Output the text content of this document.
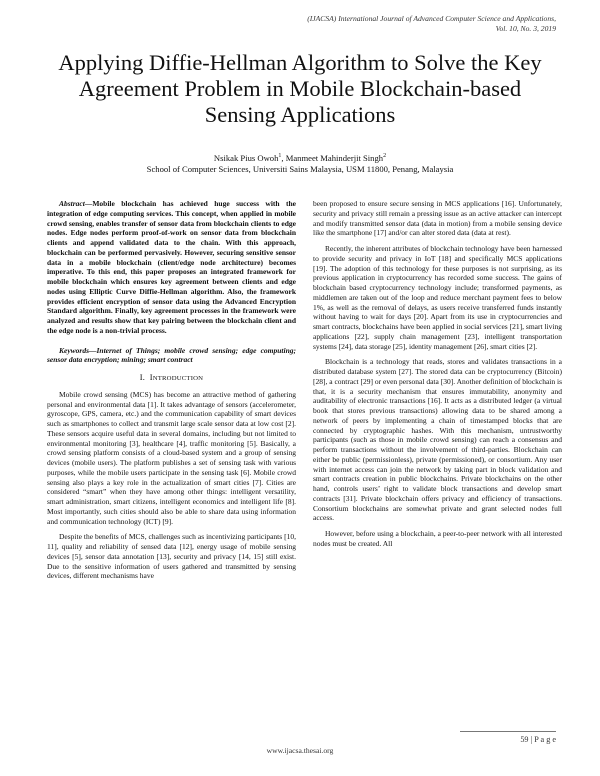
(IJACSA) International Journal of Advanced Computer Science and Applications,
Vol. 10, No. 3, 2019
Applying Diffie-Hellman Algorithm to Solve the Key
Agreement Problem in Mobile Blockchain-based
Sensing Applications
Nsikak Pius Owoh$^1$, Manmeet Mahinderjit Singh$^2$
School of Computer Sciences, Universiti Sains Malaysia, USM 11800, Penang, Malaysia

Abstract—Mobile blockchain has achieved huge success with the integration of edge computing services. This concept, when applied in mobile crowd sensing, enables transfer of sensor data from blockchain clients to edge nodes. Edge nodes perform proof-of-work on sensor data from blockchain clients and append validated data to the chain. With this approach, blockchain can be performed pervasively. However, securing sensitive sensor data in a mobile blockchain (client/edge node architecture) becomes imperative. To this end, this paper proposes an integrated framework for mobile blockchain which ensures key agreement between clients and edge nodes using Elliptic Curve Diffie-Hellman algorithm. Also, the framework provides efficient encryption of sensor data using the Advanced Encryption Standard algorithm. Finally, key agreement processes in the framework were analyzed and results show that key pairing between the blockchain client and the edge node is a non-trivial process.

Keywords—Internet of Things; mobile crowd sensing; edge computing; sensor data encryption; mining; smart contract

I. INTRODUCTION

Mobile crowd sensing (MCS) has become an attractive method of gathering personal and environmental data [1]. It takes advantage of sensors (accelerometer, gyroscope, GPS, camera, etc.) and the communication capability of smart devices such as smartphones to collect and transmit large scale sensor data at low cost [2]. These sensors acquire useful data in several domains, including but not limited to environmental monitoring [3], healthcare [4], traffic monitoring [5]. Basically, a crowd sensing platform consists of a cloud-based system and a group of sensing devices (mobile users). The platform publishes a set of sensing task with various purposes, while the mobile users participate in the sensing task [6]. Mobile crowd sensing also plays a key role in the actualization of smart cities [7]. Cities are considered “smart” when they have among other things: intelligent versatility, smart administration, smart citizens, intelligent economics and intelligent life [8]. Most importantly, such cities should also be able to share data using information and communication technology (ICT) [9].

Despite the benefits of MCS, challenges such as incentivizing participants [10, 11], quality and reliability of sensed data [12], energy usage of mobile sensing devices [5], sensor data annotation [13], security and privacy [14, 15] still exist. Due to the sensitive information of users gathered and transmitted by sensing devices, different mechanisms have

been proposed to ensure secure sensing in MCS applications [16]. Unfortunately, security and privacy still remain a pressing issue as an active attacker can intercept and modify transmitted sensor data (data in motion) from a mobile sensing device like the smartphone [17] and/or can alter stored data (data at rest).

Recently, the inherent attributes of blockchain technology have been harnessed to provide security and privacy in IoT [18] and specifically MCS applications [19]. The adoption of this technology for these purposes is not surprising, as its previous application in cryptocurrency has recorded some success. The gains of blockchain based cryptocurrency technology include; transformed payments, as middlemen are taken out of the loop and reduce merchant payment fees to below 1%, as well as the removal of delays, as users receive transferred funds instantly without having to wait for days [20]. Apart from its use in cryptocurrencies and smart contracts, blockchains have been applied in social services [21], smart living applications [22], supply chain management [23], intelligent transportation systems [24], data storage [25], identity management [26], smart cities [2].

Blockchain is a technology that reads, stores and validates transactions in a distributed database system [27]. The stored data can be cryptocurrency (Bitcoin) [28], a contract [29] or even personal data [30]. Another definition of blockchain is that, it is a security mechanism that ensures immutability, anonymity and auditability of electronic transactions [16]. It acts as a distributed ledger (a virtual book that stores previous transactions) allowing data to be shared among a network of peers by implementing a chain of timestamped blocks that are connected by cryptographic hashes. With this mechanism, untrustworthy participants (such as those in mobile crowd sensing) can reach a consensus and perform transactions without the involvement of third-parties. Blockchain can either be public (permissionless), private (permissioned), or consortium. Any user with internet access can join the network by taking part in block validation and smart contracts creation in public blockchains. Private blockchains on the other hand, controls users’ right to validate block transactions and develop smart contracts [31]. Private blockchain offers privacy and efficiency of transactions. Consortium blockchains are somewhat private and grant selected nodes full access.

However, before using a blockchain, a peer-to-peer network with all interested nodes must be created. All

59 | P a g e
www.ijacsa.thesai.org
